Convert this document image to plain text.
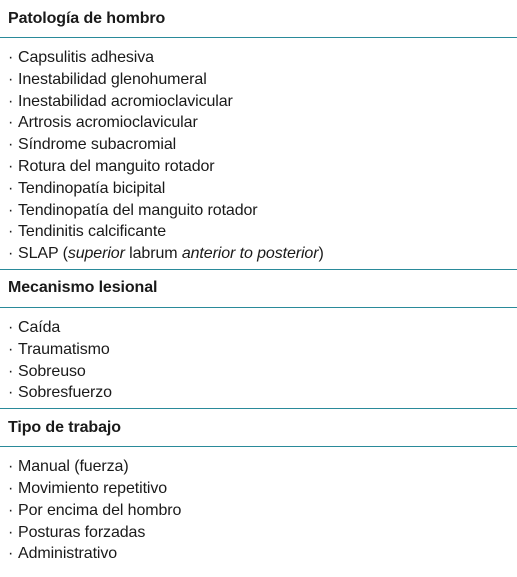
Patología de hombro
· Capsulitis adhesiva
· Inestabilidad glenohumeral
· Inestabilidad acromioclavicular
· Artrosis acromioclavicular
· Síndrome subacromial
· Rotura del manguito rotador
· Tendinopatía bicipital
· Tendinopatía del manguito rotador
· Tendinitis calcificante
· SLAP (superior labrum anterior to posterior)
Mecanismo lesional
· Caída
· Traumatismo
· Sobreuso
· Sobresfuerzo
Tipo de trabajo
· Manual (fuerza)
· Movimiento repetitivo
· Por encima del hombro
· Posturas forzadas
· Administrativo
